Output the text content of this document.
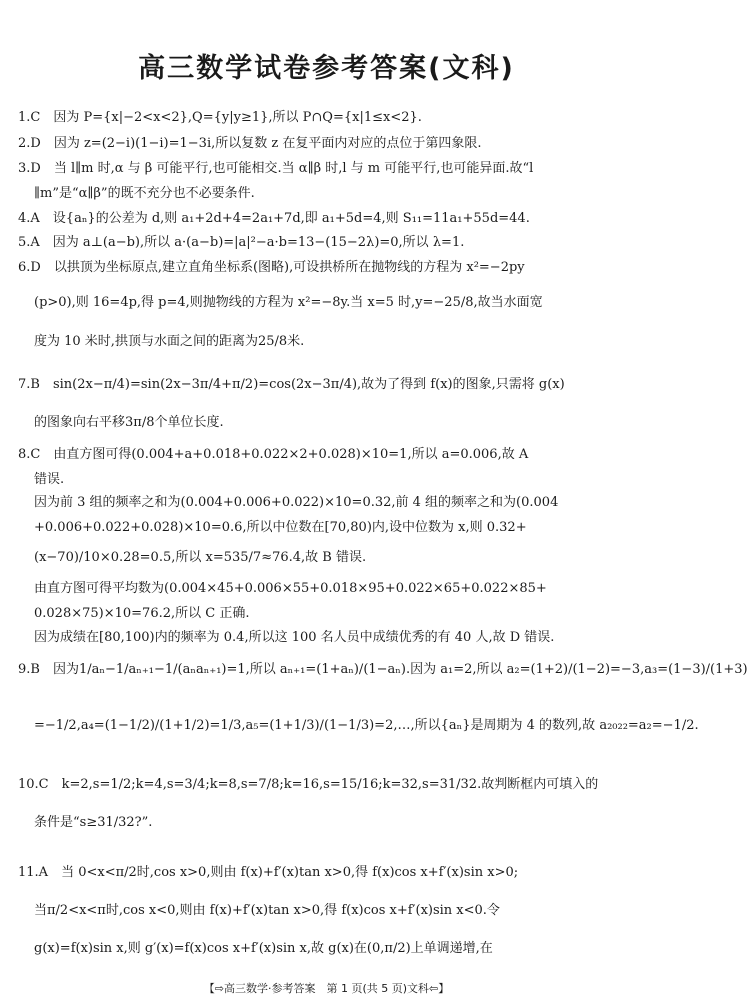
高三数学试卷参考答案(文科)
1.C　因为 P={x|−2<x<2},Q={y|y≥1},所以 P∩Q={x|1≤x<2}.
2.D　因为 z=(2−i)(1−i)=1−3i,所以复数 z 在复平面内对应的点位于第四象限.
3.D　当 l∥m 时,α 与 β 可能平行,也可能相交.当 α∥β 时,l 与 m 可能平行,也可能异面.故“l
∥m”是“α∥β”的既不充分也不必要条件.
4.A　设{aₙ}的公差为 d,则 a₁+2d+4=2a₁+7d,即 a₁+5d=4,则 S₁₁=11a₁+55d=44.
5.A　因为 a⊥(a−b),所以 a·(a−b)=|a|²−a·b=13−(15−2λ)=0,所以 λ=1.
6.D　以拱顶为坐标原点,建立直角坐标系(图略),可设拱桥所在抛物线的方程为 x²=−2py
(p>0),则 16=4p,得 p=4,则抛物线的方程为 x²=−8y.当 x=5 时,y=−25/8,故当水面宽
度为 10 米时,拱顶与水面之间的距离为25/8米.
7.B　sin(2x−π/4)=sin(2x−3π/4+π/2)=cos(2x−3π/4),故为了得到 f(x)的图象,只需将 g(x)
的图象向右平移3π/8个单位长度.
8.C　由直方图可得(0.004+a+0.018+0.022×2+0.028)×10=1,所以 a=0.006,故 A
错误.
因为前 3 组的频率之和为(0.004+0.006+0.022)×10=0.32,前 4 组的频率之和为(0.004
+0.006+0.022+0.028)×10=0.6,所以中位数在[70,80)内,设中位数为 x,则 0.32+
(x−70)/10×0.28=0.5,所以 x=535/7≈76.4,故 B 错误.
由直方图可得平均数为(0.004×45+0.006×55+0.018×95+0.022×65+0.022×85+
0.028×75)×10=76.2,所以 C 正确.
因为成绩在[80,100)内的频率为 0.4,所以这 100 名人员中成绩优秀的有 40 人,故 D 错误.
9.B　因为1/aₙ−1/aₙ₊₁−1/(aₙaₙ₊₁)=1,所以 aₙ₊₁=(1+aₙ)/(1−aₙ).因为 a₁=2,所以 a₂=(1+2)/(1−2)=−3,a₃=(1−3)/(1+3)
=−1/2,a₄=(1−1/2)/(1+1/2)=1/3,a₅=(1+1/3)/(1−1/3)=2,…,所以{aₙ}是周期为 4 的数列,故 a₂₀₂₂=a₂=−1/2.
10.C　k=2,s=1/2;k=4,s=3/4;k=8,s=7/8;k=16,s=15/16;k=32,s=31/32.故判断框内可填入的
条件是“s≥31/32?”.
11.A　当 0<x<π/2时,cos x>0,则由 f(x)+f′(x)tan x>0,得 f(x)cos x+f′(x)sin x>0;
当π/2<x<π时,cos x<0,则由 f(x)+f′(x)tan x>0,得 f(x)cos x+f′(x)sin x<0.令
g(x)=f(x)sin x,则 g′(x)=f(x)cos x+f′(x)sin x,故 g(x)在(0,π/2)上单调递增,在
【⇨高三数学·参考答案　第 1 页(共 5 页)文科⇦】
